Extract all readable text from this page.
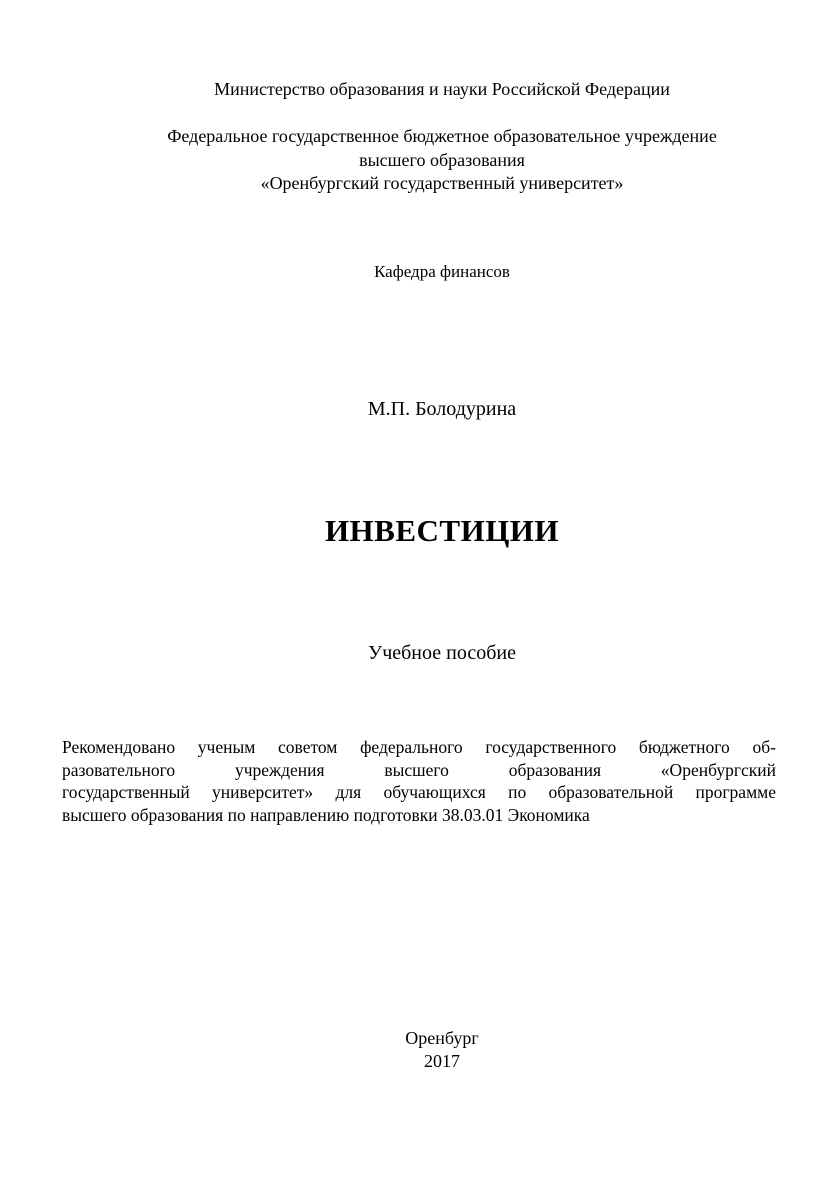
Министерство образования и науки Российской Федерации
Федеральное государственное бюджетное образовательное учреждение
высшего образования
«Оренбургский государственный университет»
Кафедра финансов
М.П. Болодурина
ИНВЕСТИЦИИ
Учебное пособие
Рекомендовано ученым советом федерального государственного бюджетного об-
разовательного учреждения высшего образования «Оренбургский
государственный университет» для обучающихся по образовательной программе
высшего образования по направлению подготовки 38.03.01 Экономика
Оренбург
2017
